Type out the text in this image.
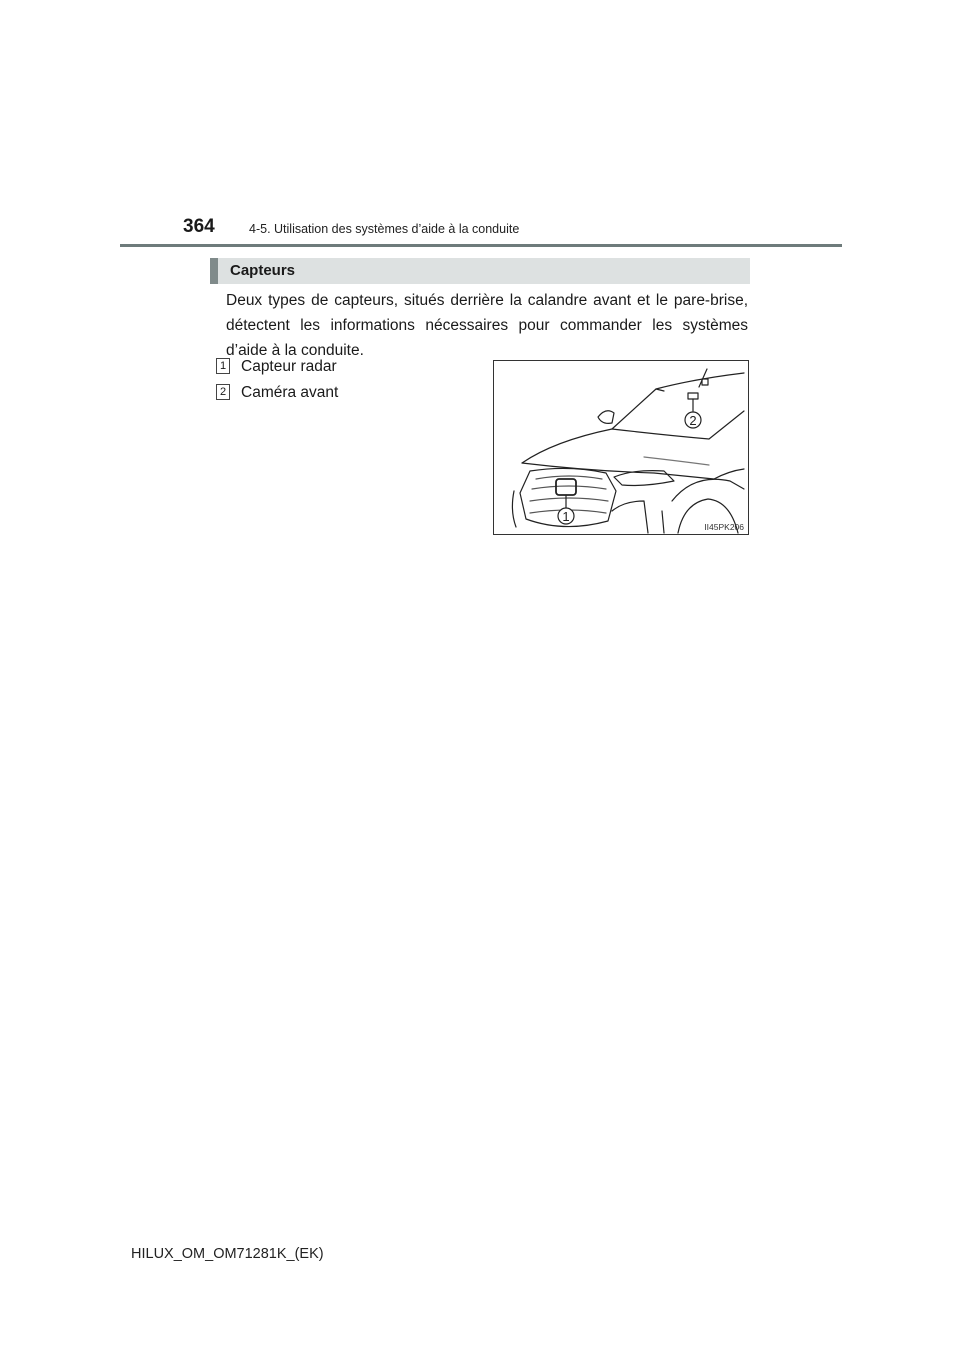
364	4-5. Utilisation des systèmes d’aide à la conduite
Capteurs
Deux types de capteurs, situés derrière la calandre avant et le pare-brise, détectent les informations nécessaires pour commander les systèmes d’aide à la conduite.
1 Capteur radar
2 Caméra avant
2
1
II45PK206
HILUX_OM_OM71281K_(EK)
